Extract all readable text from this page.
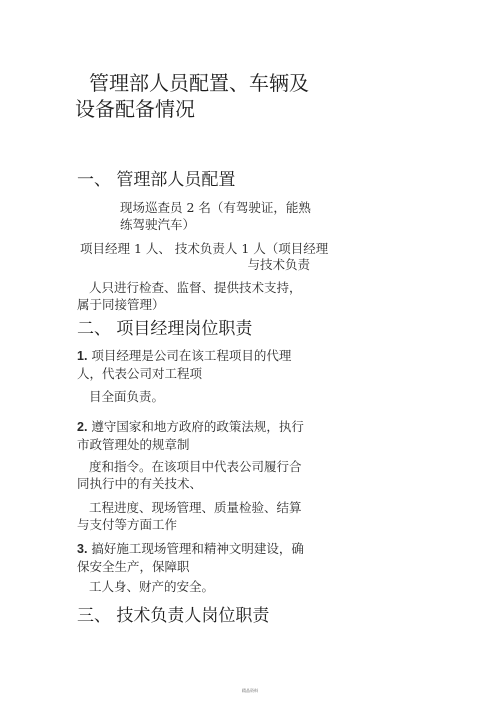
管理部人员配置、车辆及设备配备情况
一、 管理部人员配置
现场巡查员 2 名（有驾驶证，能熟练驾驶汽车）
项目经理 1 人、 技术负责人 1 人（项目经理
与技术负责
人只进行检查、监督、提供技术支持，属于同接管理）
二、 项目经理岗位职责
1. 项目经理是公司在该工程项目的代理人，代表公司对工程项
目全面负责。
2. 遵守国家和地方政府的政策法规，执行市政管理处的规章制
度和指令。在该项目中代表公司履行合同执行中的有关技术、
工程进度、现场管理、质量检验、结算与支付等方面工作
3. 搞好施工现场管理和精神文明建设，确保安全生产，保障职
工人身、财产的安全。
三、 技术负责人岗位职责
精品资料
